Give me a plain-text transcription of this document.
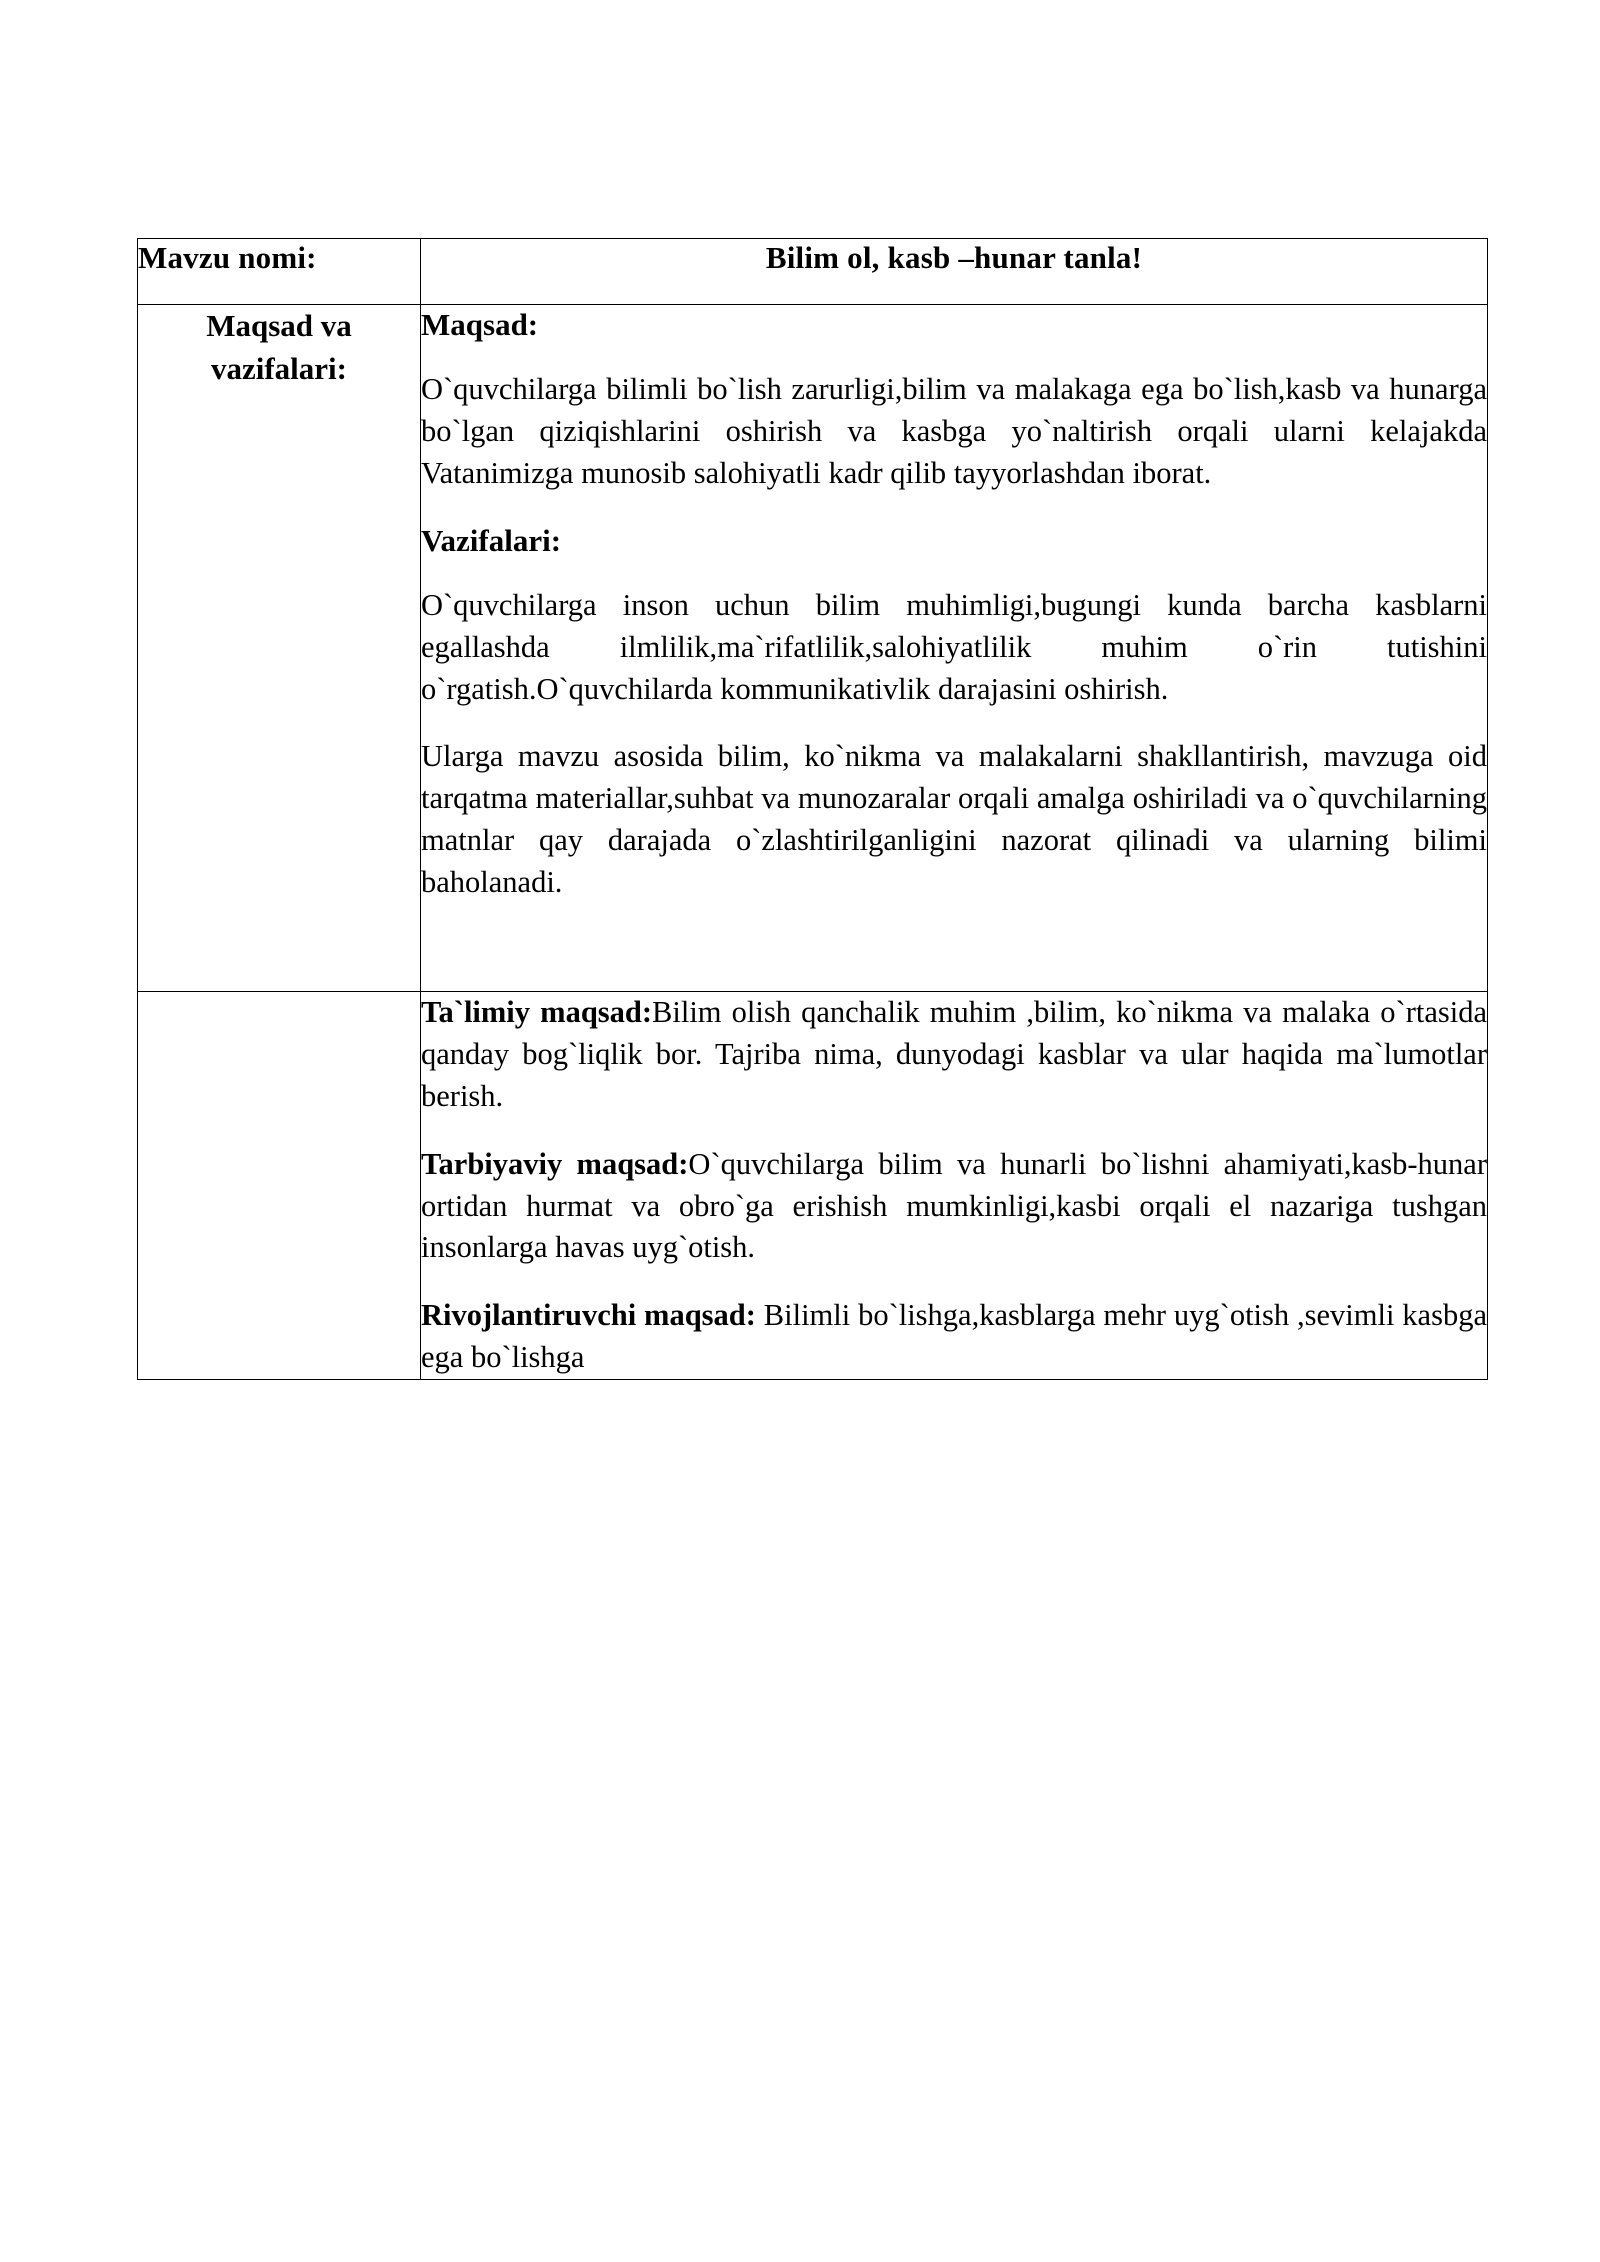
Mavzu nomi:	Bilim ol, kasb –hunar tanla!

Maqsad va vazifalari:	Maqsad:

O`quvchilarga bilimli bo`lish zarurligi,bilim va malakaga ega bo`lish,kasb va hunarga bo`lgan qiziqishlarini oshirish va kasbga yo`naltirish orqali ularni kelajakda Vatanimizga munosib salohiyatli kadr qilib tayyorlashdan iborat.

Vazifalari:

O`quvchilarga inson uchun bilim muhimligi,bugungi kunda barcha kasblarni egallashda ilmlilik,ma`rifatlilik,salohiyatlilik muhim o`rin tutishini o`rgatish.O`quvchilarda kommunikativlik darajasini oshirish.

Ularga mavzu asosida bilim, ko`nikma va malakalarni shakllantirish, mavzuga oid tarqatma materiallar,suhbat va munozaralar orqali amalga oshiriladi va o`quvchilarning matnlar qay darajada o`zlashtirilganligini nazorat qilinadi va ularning bilimi baholanadi.

	Ta`limiy maqsad:Bilim olish qanchalik muhim ,bilim, ko`nikma va malaka o`rtasida qanday bog`liqlik bor. Tajriba nima, dunyodagi kasblar va ular haqida ma`lumotlar berish.

Tarbiyaviy maqsad:O`quvchilarga bilim va hunarli bo`lishni ahamiyati,kasb-hunar ortidan hurmat va obro`ga erishish mumkinligi,kasbi orqali el nazariga tushgan insonlarga havas uyg`otish.

Rivojlantiruvchi maqsad: Bilimli bo`lishga,kasblarga mehr uyg`otish ,sevimli kasbga ega bo`lishga
